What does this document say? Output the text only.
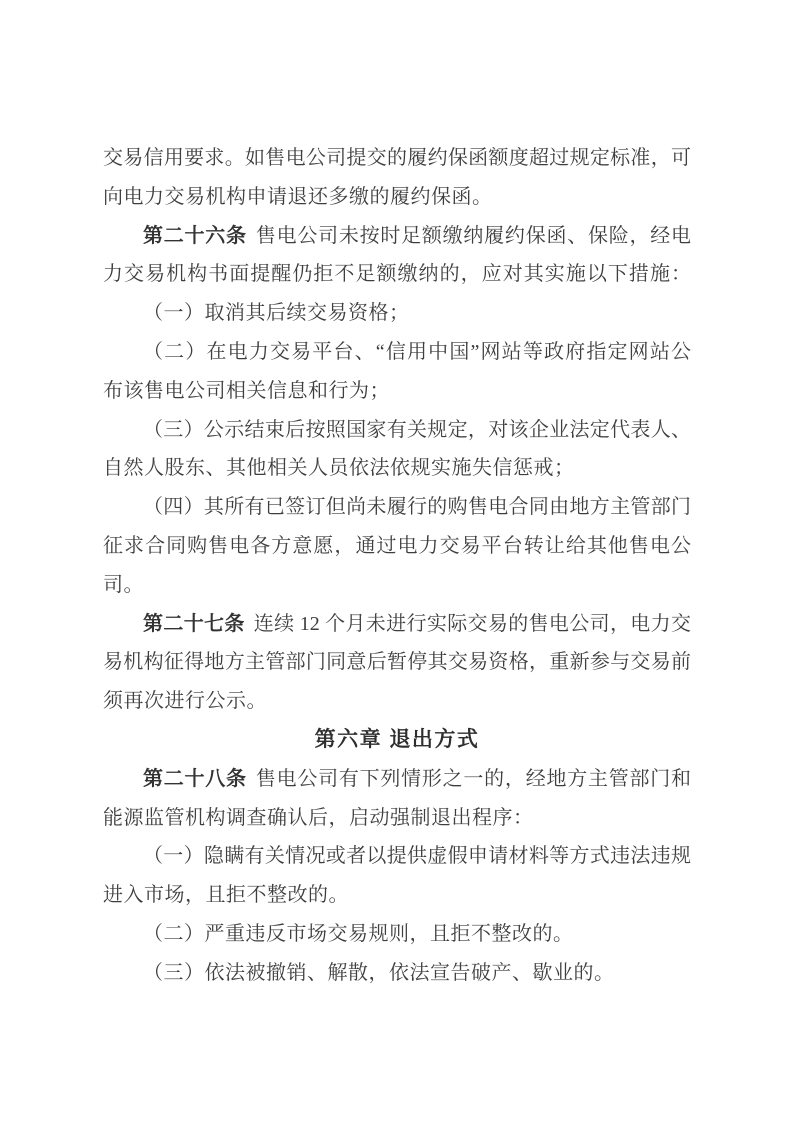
交易信用要求。如售电公司提交的履约保函额度超过规定标准，可
向电力交易机构申请退还多缴的履约保函。
第二十六条 售电公司未按时足额缴纳履约保函、保险，经电
力交易机构书面提醒仍拒不足额缴纳的，应对其实施以下措施：
（一）取消其后续交易资格；
（二）在电力交易平台、“信用中国”网站等政府指定网站公
布该售电公司相关信息和行为；
（三）公示结束后按照国家有关规定，对该企业法定代表人、
自然人股东、其他相关人员依法依规实施失信惩戒；
（四）其所有已签订但尚未履行的购售电合同由地方主管部门
征求合同购售电各方意愿，通过电力交易平台转让给其他售电公
司。
第二十七条 连续 12 个月未进行实际交易的售电公司，电力交
易机构征得地方主管部门同意后暂停其交易资格，重新参与交易前
须再次进行公示。
第六章 退出方式
第二十八条 售电公司有下列情形之一的，经地方主管部门和
能源监管机构调查确认后，启动强制退出程序：
（一）隐瞒有关情况或者以提供虚假申请材料等方式违法违规
进入市场，且拒不整改的。
（二）严重违反市场交易规则，且拒不整改的。
（三）依法被撤销、解散，依法宣告破产、歇业的。
